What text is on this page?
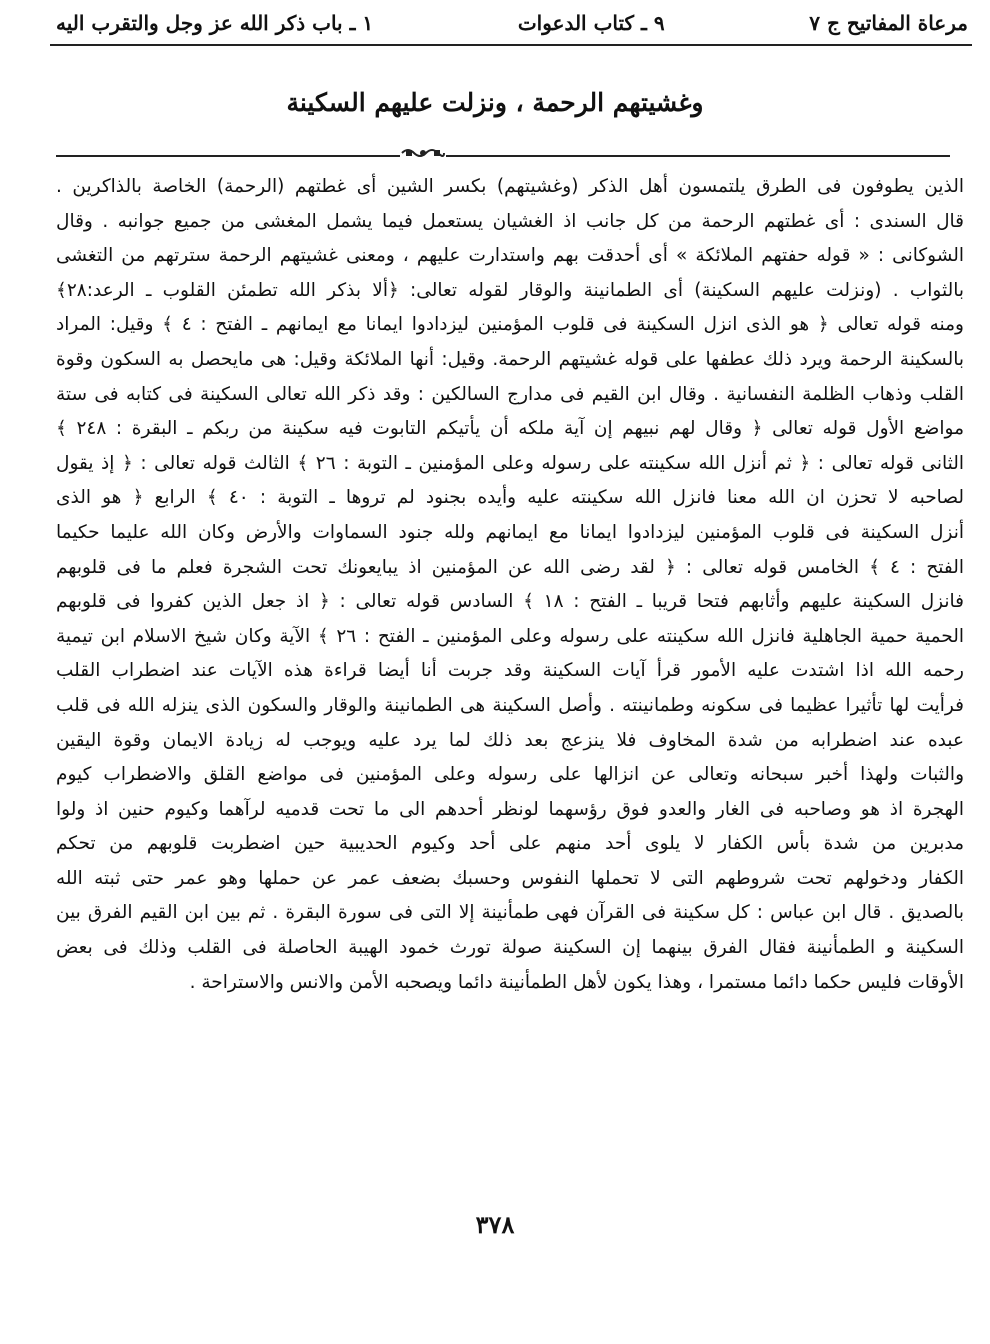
مرعاة المفاتيح ج ٧
٩ ـ كتاب الدعوات
١ ـ باب ذكر الله عز وجل والتقرب اليه
وغشيتهم الرحمة ، ونزلت عليهم السكينة
الذين يطوفون فى الطرق يلتمسون أهل الذكر (وغشيتهم) بكسر الشين أى غطتهم (الرحمة) الخاصة بالذاكرين .
قال السندى : أى غطتهم الرحمة من كل جانب اذ الغشيان يستعمل فيما يشمل المغشى من جميع جوانبه . وقال
الشوكانى : « قوله حفتهم الملائكة » أى أحدقت بهم واستدارت عليهم ، ومعنى غشيتهم الرحمة سترتهم من التغشى
بالثواب . (ونزلت عليهم السكينة) أى الطمانينة والوقار لقوله تعالى: ﴿ألا بذكر الله تطمئن القلوب ـ الرعد:٢٨﴾
ومنه قوله تعالى ﴿ هو الذى انزل السكينة فى قلوب المؤمنين ليزدادوا ايمانا مع ايمانهم ـ الفتح : ٤ ﴾ وقيل: المراد
بالسكينة الرحمة ويرد ذلك عطفها على قوله غشيتهم الرحمة. وقيل: أنها الملائكة وقيل: هى مايحصل به السكون وقوة
القلب وذهاب الظلمة النفسانية . وقال ابن القيم فى مدارج السالكين : وقد ذكر الله تعالى السكينة فى كتابه فى ستة
مواضع الأول قوله تعالى ﴿ وقال لهم نبيهم إن آية ملكه أن يأتيكم التابوت فيه سكينة من ربكم ـ البقرة : ٢٤٨ ﴾
الثانى قوله تعالى : ﴿ ثم أنزل الله سكينته على رسوله وعلى المؤمنين ـ التوبة : ٢٦ ﴾ الثالث قوله تعالى : ﴿ إذ يقول
لصاحبه لا تحزن ان الله معنا فانزل الله سكينته عليه وأيده بجنود لم تروها ـ التوبة : ٤٠ ﴾ الرابع ﴿ هو الذى
أنزل السكينة فى قلوب المؤمنين ليزدادوا ايمانا مع ايمانهم ولله جنود السماوات والأرض وكان الله عليما حكيما
الفتح : ٤ ﴾ الخامس قوله تعالى : ﴿ لقد رضى الله عن المؤمنين اذ يبايعونك تحت الشجرة فعلم ما فى قلوبهم
فانزل السكينة عليهم وأثابهم فتحا قريبا ـ الفتح : ١٨ ﴾ السادس قوله تعالى : ﴿ اذ جعل الذين كفروا فى قلوبهم
الحمية حمية الجاهلية فانزل الله سكينته على رسوله وعلى المؤمنين ـ الفتح : ٢٦ ﴾ الآية وكان شيخ الاسلام ابن تيمية
رحمه الله اذا اشتدت عليه الأمور قرأ آيات السكينة وقد جربت أنا أيضا قراءة هذه الآيات عند اضطراب القلب
فرأيت لها تأثيرا عظيما فى سكونه وطمانينته . وأصل السكينة هى الطمانينة والوقار والسكون الذى ينزله الله فى قلب
عبده عند اضطرابه من شدة المخاوف فلا ينزعج بعد ذلك لما يرد عليه ويوجب له زيادة الايمان وقوة اليقين
والثبات ولهذا أخبر سبحانه وتعالى عن انزالها على رسوله وعلى المؤمنين فى مواضع القلق والاضطراب كيوم
الهجرة اذ هو وصاحبه فى الغار والعدو فوق رؤسهما لونظر أحدهم الى ما تحت قدميه لرآهما وكيوم حنين اذ ولوا
مدبرين من شدة بأس الكفار لا يلوى أحد منهم على أحد وكيوم الحديبية حين اضطربت قلوبهم من تحكم
الكفار ودخولهم تحت شروطهم التى لا تحملها النفوس وحسبك بضعف عمر عن حملها وهو عمر حتى ثبته الله
بالصديق . قال ابن عباس : كل سكينة فى القرآن فهى طمأنينة إلا التى فى سورة البقرة . ثم بين ابن القيم الفرق بين
السكينة و الطمأنينة فقال الفرق بينهما إن السكينة صولة تورث خمود الهيبة الحاصلة فى القلب وذلك فى بعض
الأوقات فليس حكما دائما مستمرا ، وهذا يكون لأهل الطمأنينة دائما ويصحبه الأمن والانس والاستراحة .
٣٧٨
